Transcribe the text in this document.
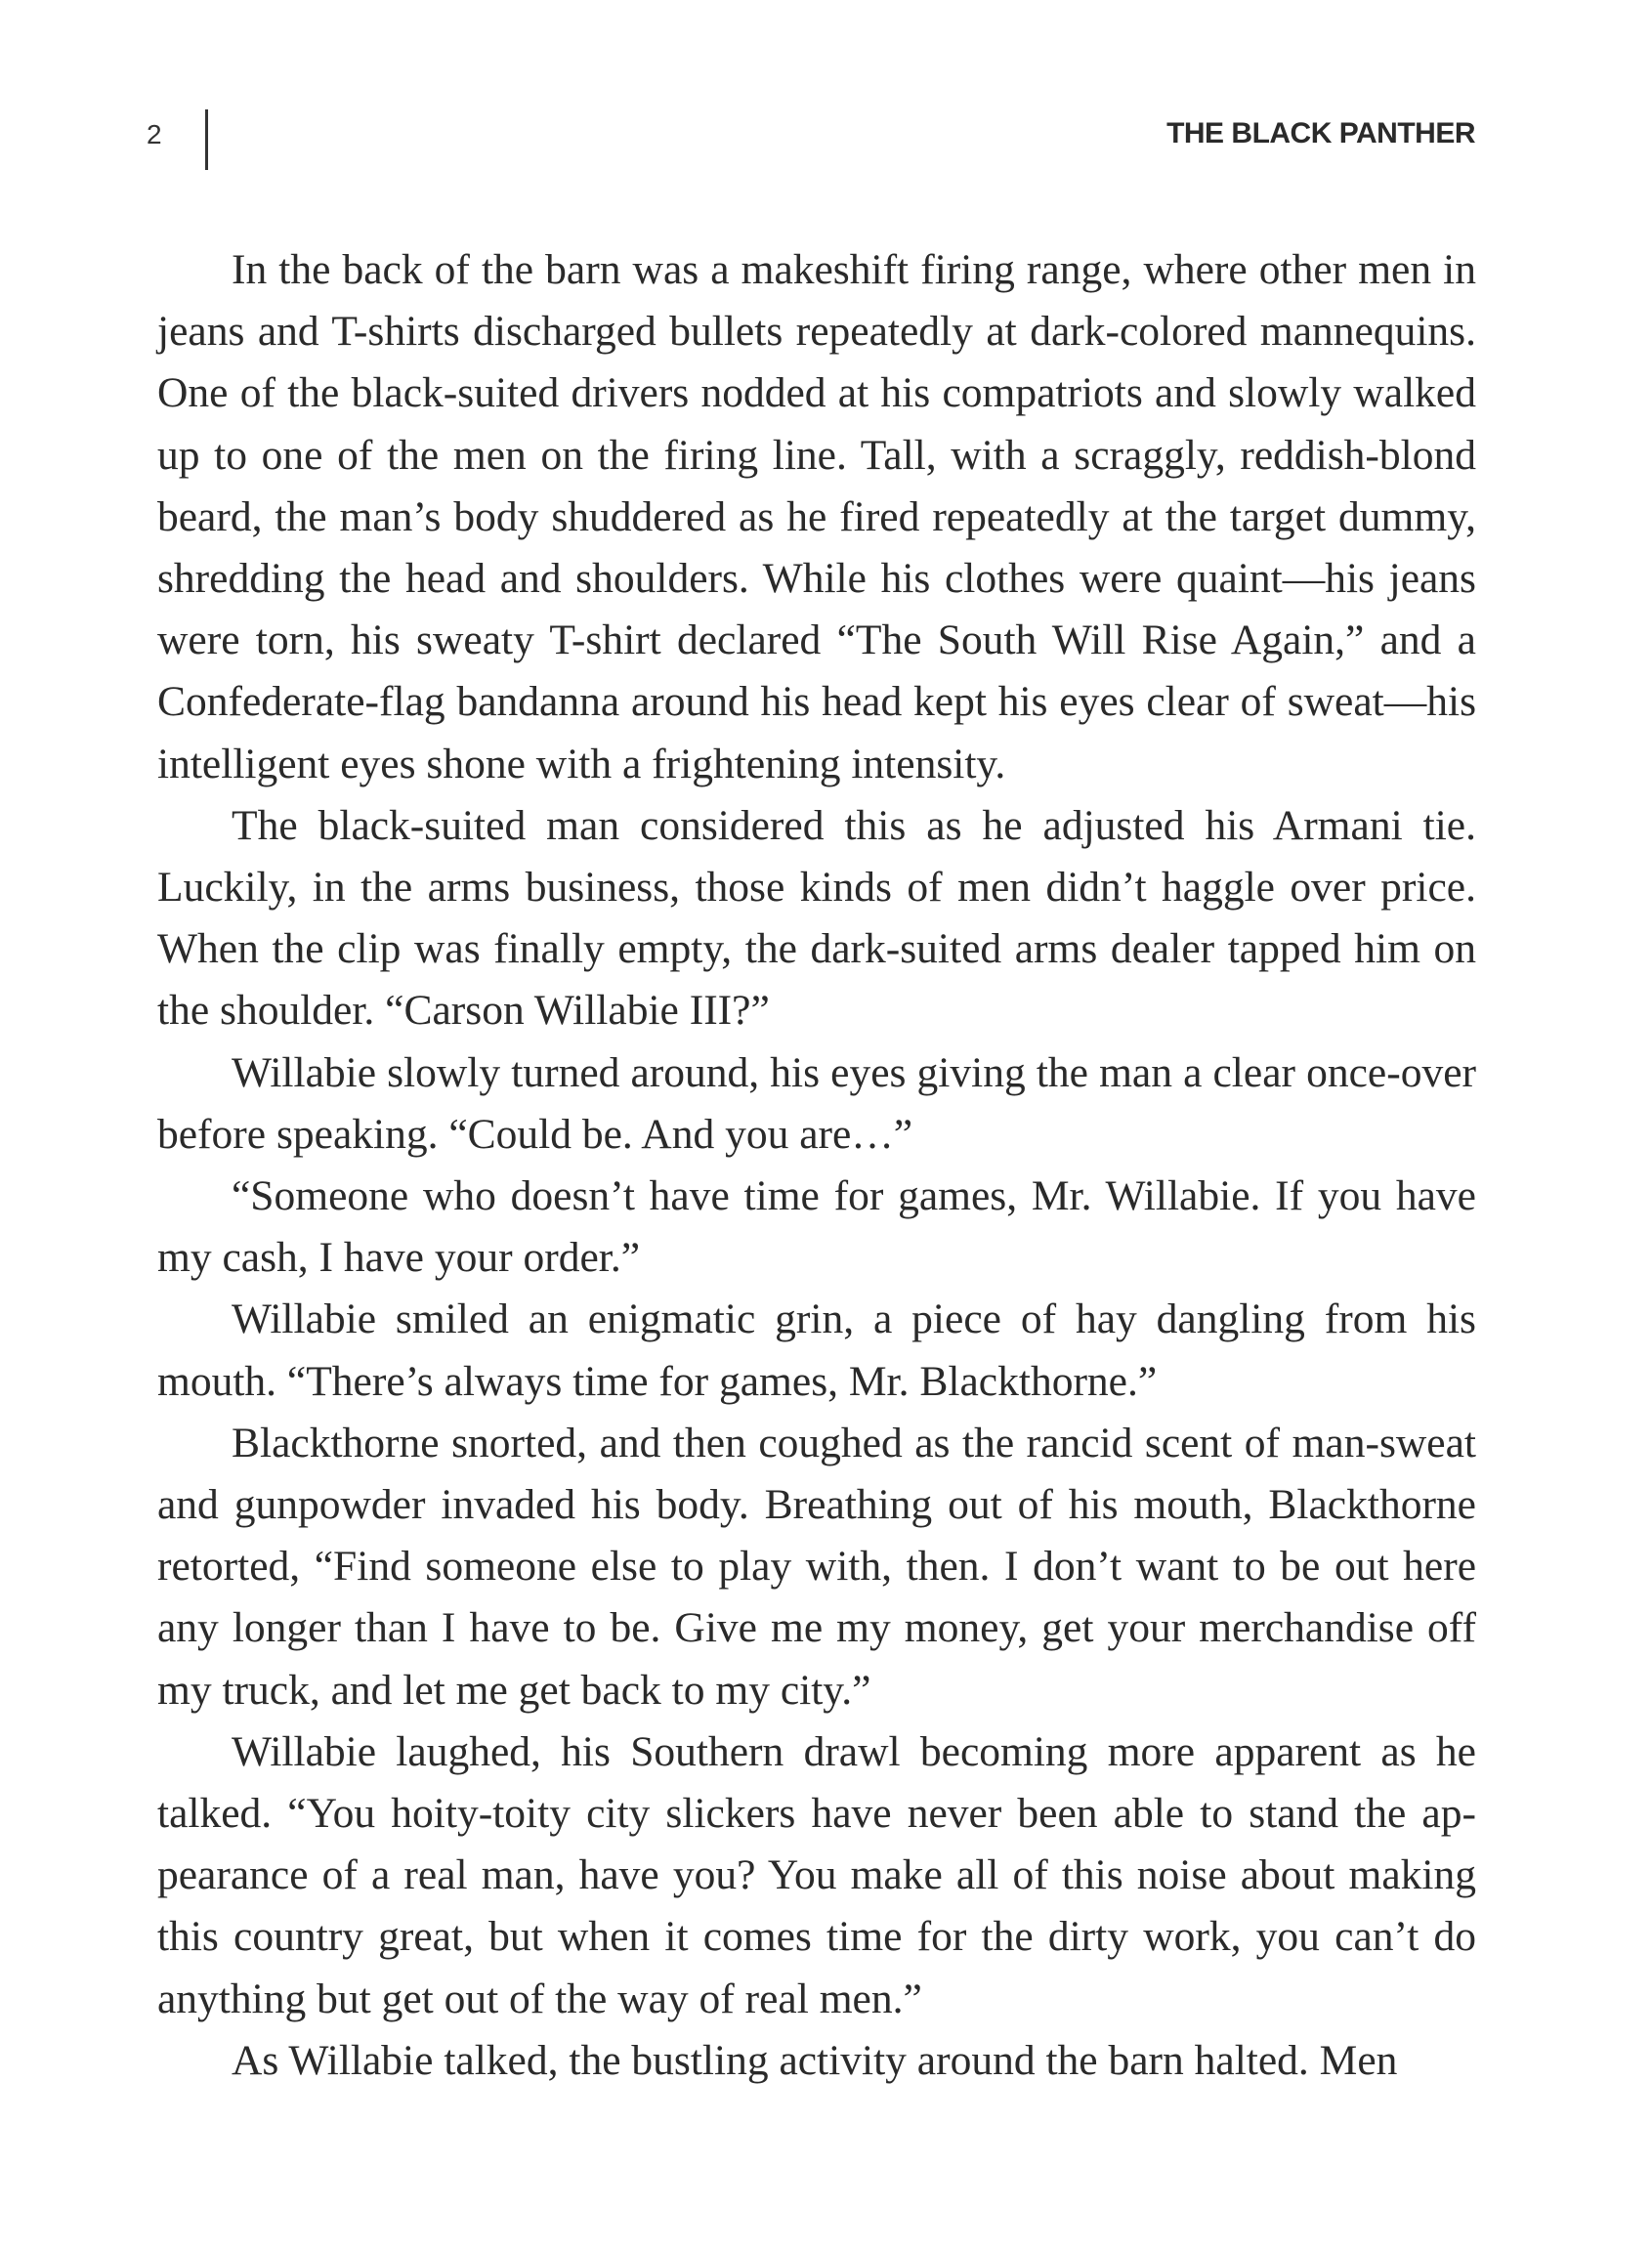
2	THE BLACK PANTHER

In the back of the barn was a makeshift firing range, where other men in jeans and T-shirts discharged bullets repeatedly at dark-colored mannequins. One of the black-suited drivers nodded at his compatriots and slowly walked up to one of the men on the firing line. Tall, with a scraggly, reddish-blond beard, the man’s body shuddered as he fired repeatedly at the target dummy, shredding the head and shoulders. While his clothes were quaint—his jeans were torn, his sweaty T-shirt declared “The South Will Rise Again,” and a Confederate-flag bandanna around his head kept his eyes clear of sweat—his intelligent eyes shone with a frightening intensity.

The black-suited man considered this as he adjusted his Armani tie. Luckily, in the arms business, those kinds of men didn’t haggle over price. When the clip was finally empty, the dark-suited arms dealer tapped him on the shoulder. “Carson Willabie III?”

Willabie slowly turned around, his eyes giving the man a clear once-over before speaking. “Could be. And you are…”

“Someone who doesn’t have time for games, Mr. Willabie. If you have my cash, I have your order.”

Willabie smiled an enigmatic grin, a piece of hay dangling from his mouth. “There’s always time for games, Mr. Blackthorne.”

Blackthorne snorted, and then coughed as the rancid scent of man-sweat and gunpowder invaded his body. Breathing out of his mouth, Blackthorne retorted, “Find someone else to play with, then. I don’t want to be out here any longer than I have to be. Give me my money, get your merchandise off my truck, and let me get back to my city.”

Willabie laughed, his Southern drawl becoming more apparent as he talked. “You hoity-toity city slickers have never been able to stand the appearance of a real man, have you? You make all of this noise about making this country great, but when it comes time for the dirty work, you can’t do anything but get out of the way of real men.”

As Willabie talked, the bustling activity around the barn halted. Men
